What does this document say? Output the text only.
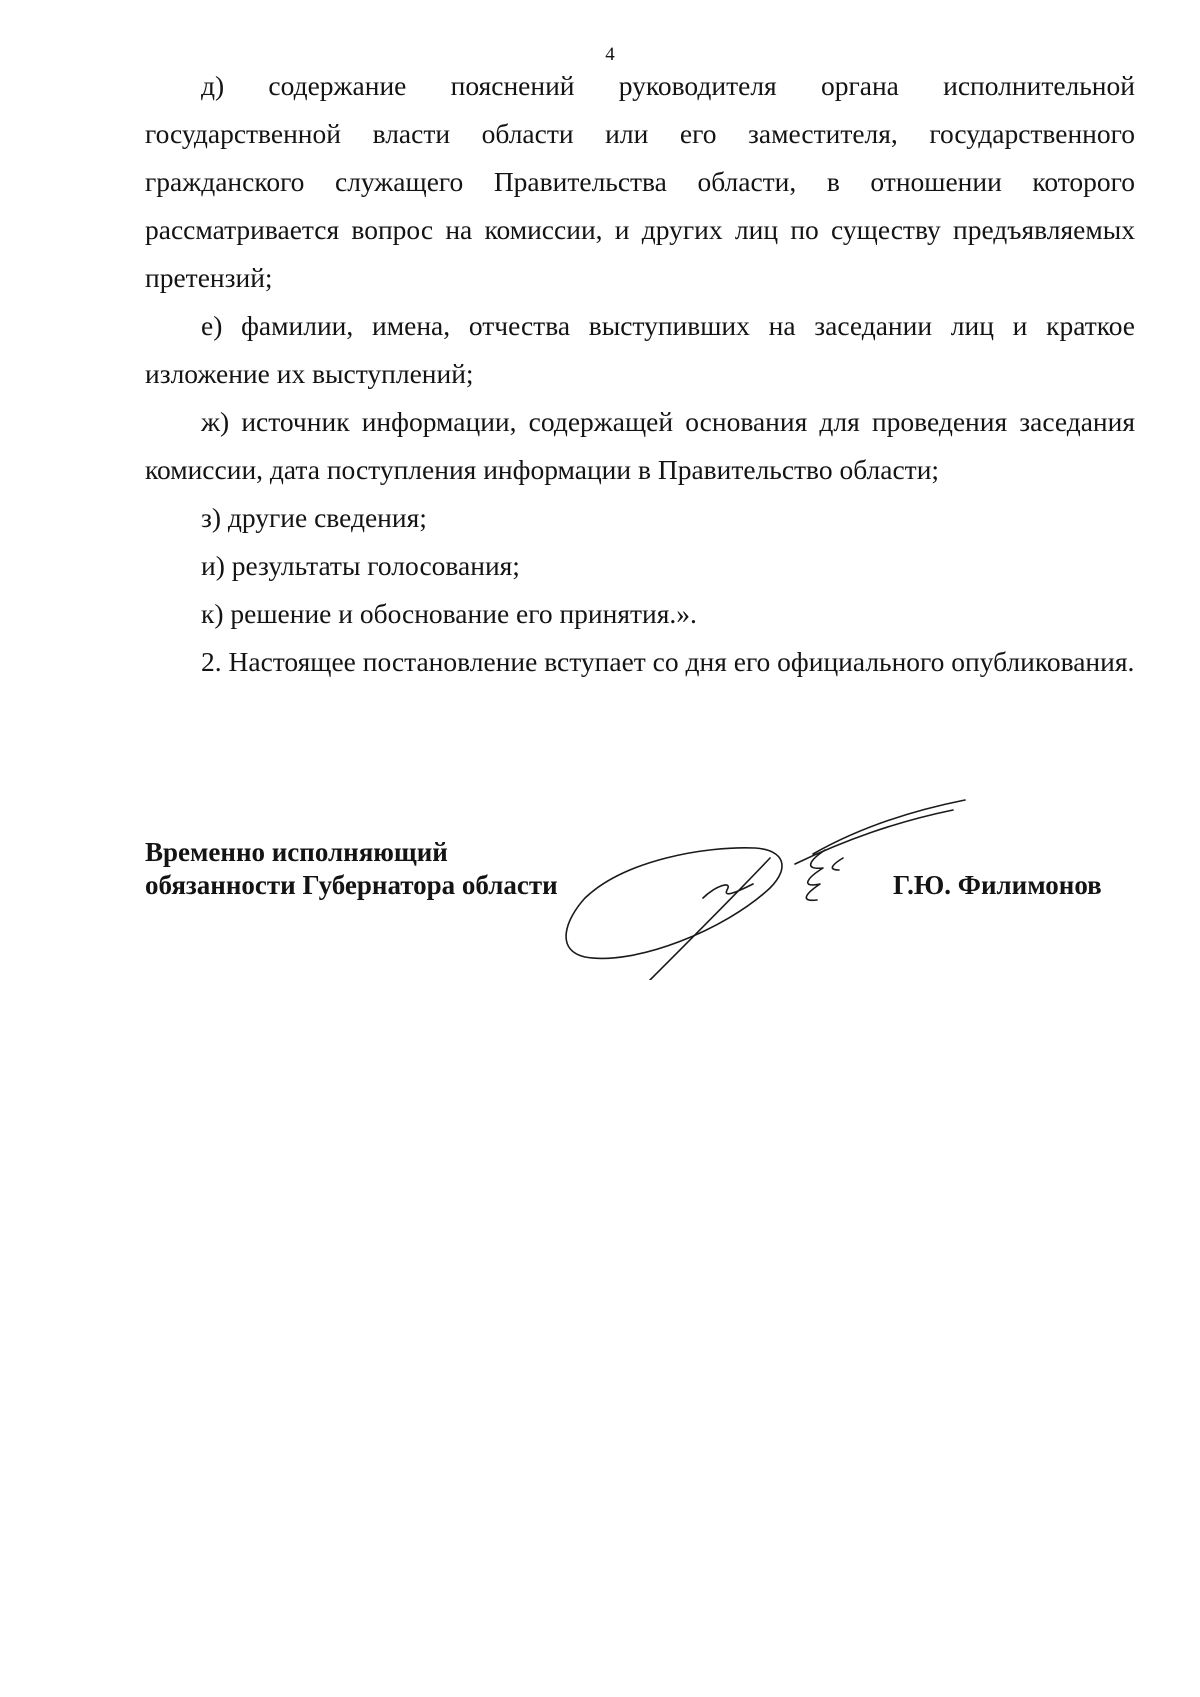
4

д) содержание пояснений руководителя органа исполнительной государственной власти области или его заместителя, государственного гражданского служащего Правительства области, в отношении которого рассматривается вопрос на комиссии, и других лиц по существу предъявляемых претензий;

е) фамилии, имена, отчества выступивших на заседании лиц и краткое изложение их выступлений;

ж) источник информации, содержащей основания для проведения заседания комиссии, дата поступления информации в Правительство области;

з) другие сведения;

и) результаты голосования;

к) решение и обоснование его принятия.».

2. Настоящее постановление вступает со дня его официального опубликования.

Временно исполняющий
обязанности Губернатора области	Г.Ю. Филимонов
